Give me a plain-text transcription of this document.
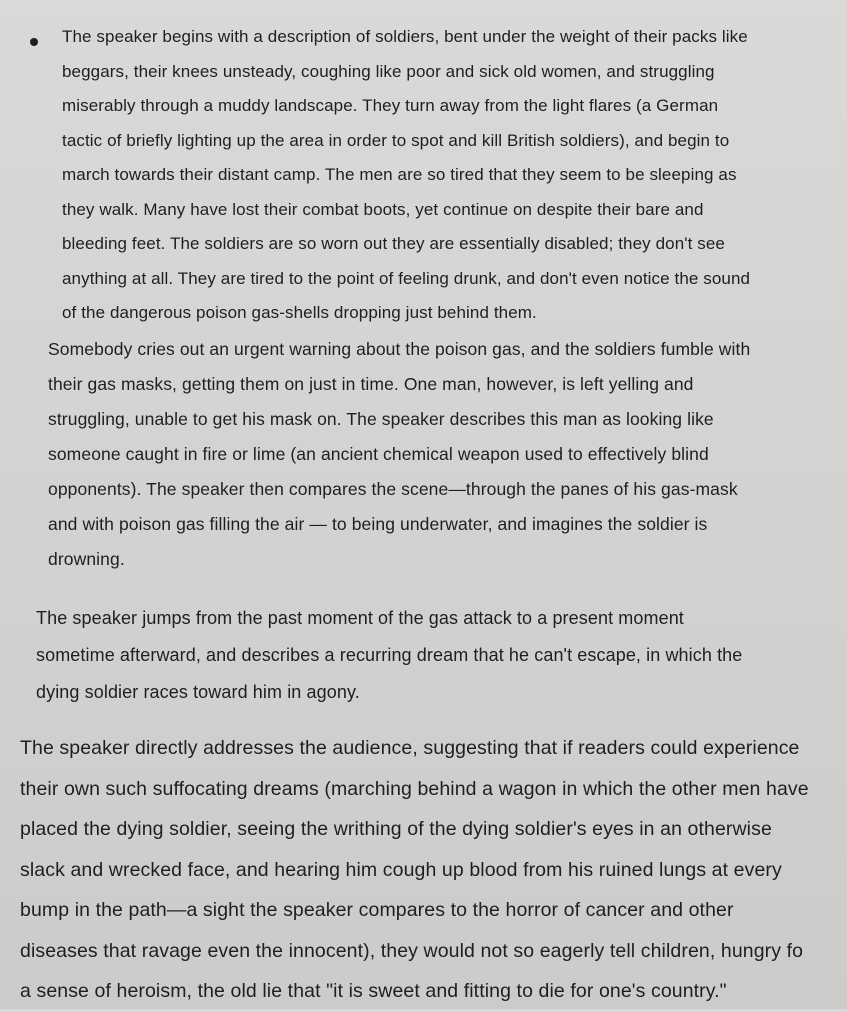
The speaker begins with a description of soldiers, bent under the weight of their packs like
beggars, their knees unsteady, coughing like poor and sick old women, and struggling
miserably through a muddy landscape. They turn away from the light flares (a German
tactic of briefly lighting up the area in order to spot and kill British soldiers), and begin to
march towards their distant camp. The men are so tired that they seem to be sleeping as
they walk. Many have lost their combat boots, yet continue on despite their bare and
bleeding feet. The soldiers are so worn out they are essentially disabled; they don't see
anything at all. They are tired to the point of feeling drunk, and don't even notice the sound
of the dangerous poison gas-shells dropping just behind them.

Somebody cries out an urgent warning about the poison gas, and the soldiers fumble with
their gas masks, getting them on just in time. One man, however, is left yelling and
struggling, unable to get his mask on. The speaker describes this man as looking like
someone caught in fire or lime (an ancient chemical weapon used to effectively blind
opponents). The speaker then compares the scene—through the panes of his gas-mask
and with poison gas filling the air — to being underwater, and imagines the soldier is
drowning.

The speaker jumps from the past moment of the gas attack to a present moment
sometime afterward, and describes a recurring dream that he can't escape, in which the
dying soldier races toward him in agony.

The speaker directly addresses the audience, suggesting that if readers could experience
their own such suffocating dreams (marching behind a wagon in which the other men have
placed the dying soldier, seeing the writhing of the dying soldier's eyes in an otherwise
slack and wrecked face, and hearing him cough up blood from his ruined lungs at every
bump in the path—a sight the speaker compares to the horror of cancer and other
diseases that ravage even the innocent), they would not so eagerly tell children, hungry fo
a sense of heroism, the old lie that "it is sweet and fitting to die for one's country."
